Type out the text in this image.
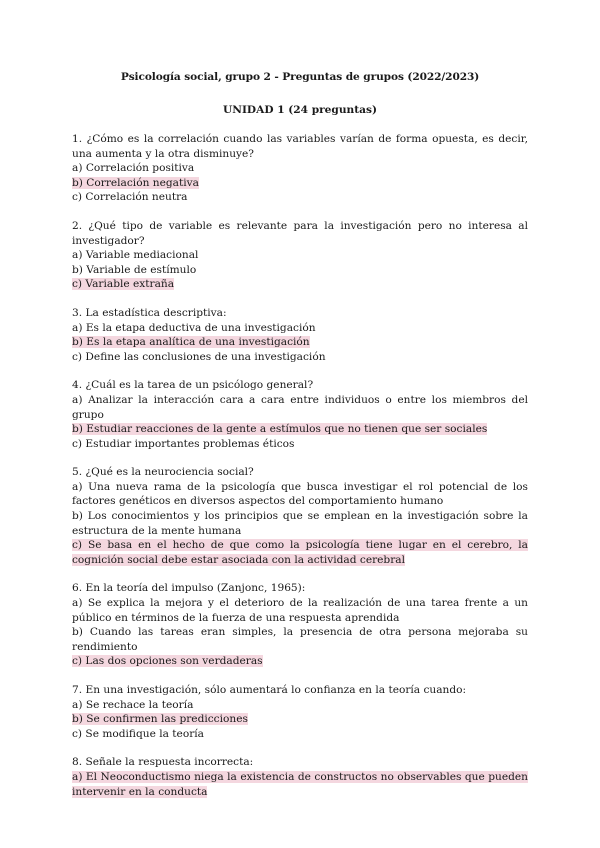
Psicología social, grupo 2 - Preguntas de grupos (2022/2023)

UNIDAD 1 (24 preguntas)

1. ¿Cómo es la correlación cuando las variables varían de forma opuesta, es decir, una aumenta y la otra disminuye?

a) Correlación positiva

b) Correlación negativa

c) Correlación neutra

2. ¿Qué tipo de variable es relevante para la investigación pero no interesa al investigador?

a) Variable mediacional

b) Variable de estímulo

c) Variable extraña

3. La estadística descriptiva:

a) Es la etapa deductiva de una investigación

b) Es la etapa analítica de una investigación

c) Define las conclusiones de una investigación

4. ¿Cuál es la tarea de un psicólogo general?

a) Analizar la interacción cara a cara entre individuos o entre los miembros del grupo

b) Estudiar reacciones de la gente a estímulos que no tienen que ser sociales

c) Estudiar importantes problemas éticos

5. ¿Qué es la neurociencia social?

a) Una nueva rama de la psicología que busca investigar el rol potencial de los factores genéticos en diversos aspectos del comportamiento humano

b) Los conocimientos y los principios que se emplean en la investigación sobre la estructura de la mente humana

c) Se basa en el hecho de que como la psicología tiene lugar en el cerebro, la cognición social debe estar asociada con la actividad cerebral

6. En la teoría del impulso (Zanjonc, 1965):

a) Se explica la mejora y el deterioro de la realización de una tarea frente a un público en términos de la fuerza de una respuesta aprendida

b) Cuando las tareas eran simples, la presencia de otra persona mejoraba su rendimiento

c) Las dos opciones son verdaderas

7. En una investigación, sólo aumentará lo confianza en la teoría cuando:

a) Se rechace la teoría

b) Se confirmen las predicciones

c) Se modifique la teoría

8. Señale la respuesta incorrecta:

a) El Neoconductismo niega la existencia de constructos no observables que pueden intervenir en la conducta
